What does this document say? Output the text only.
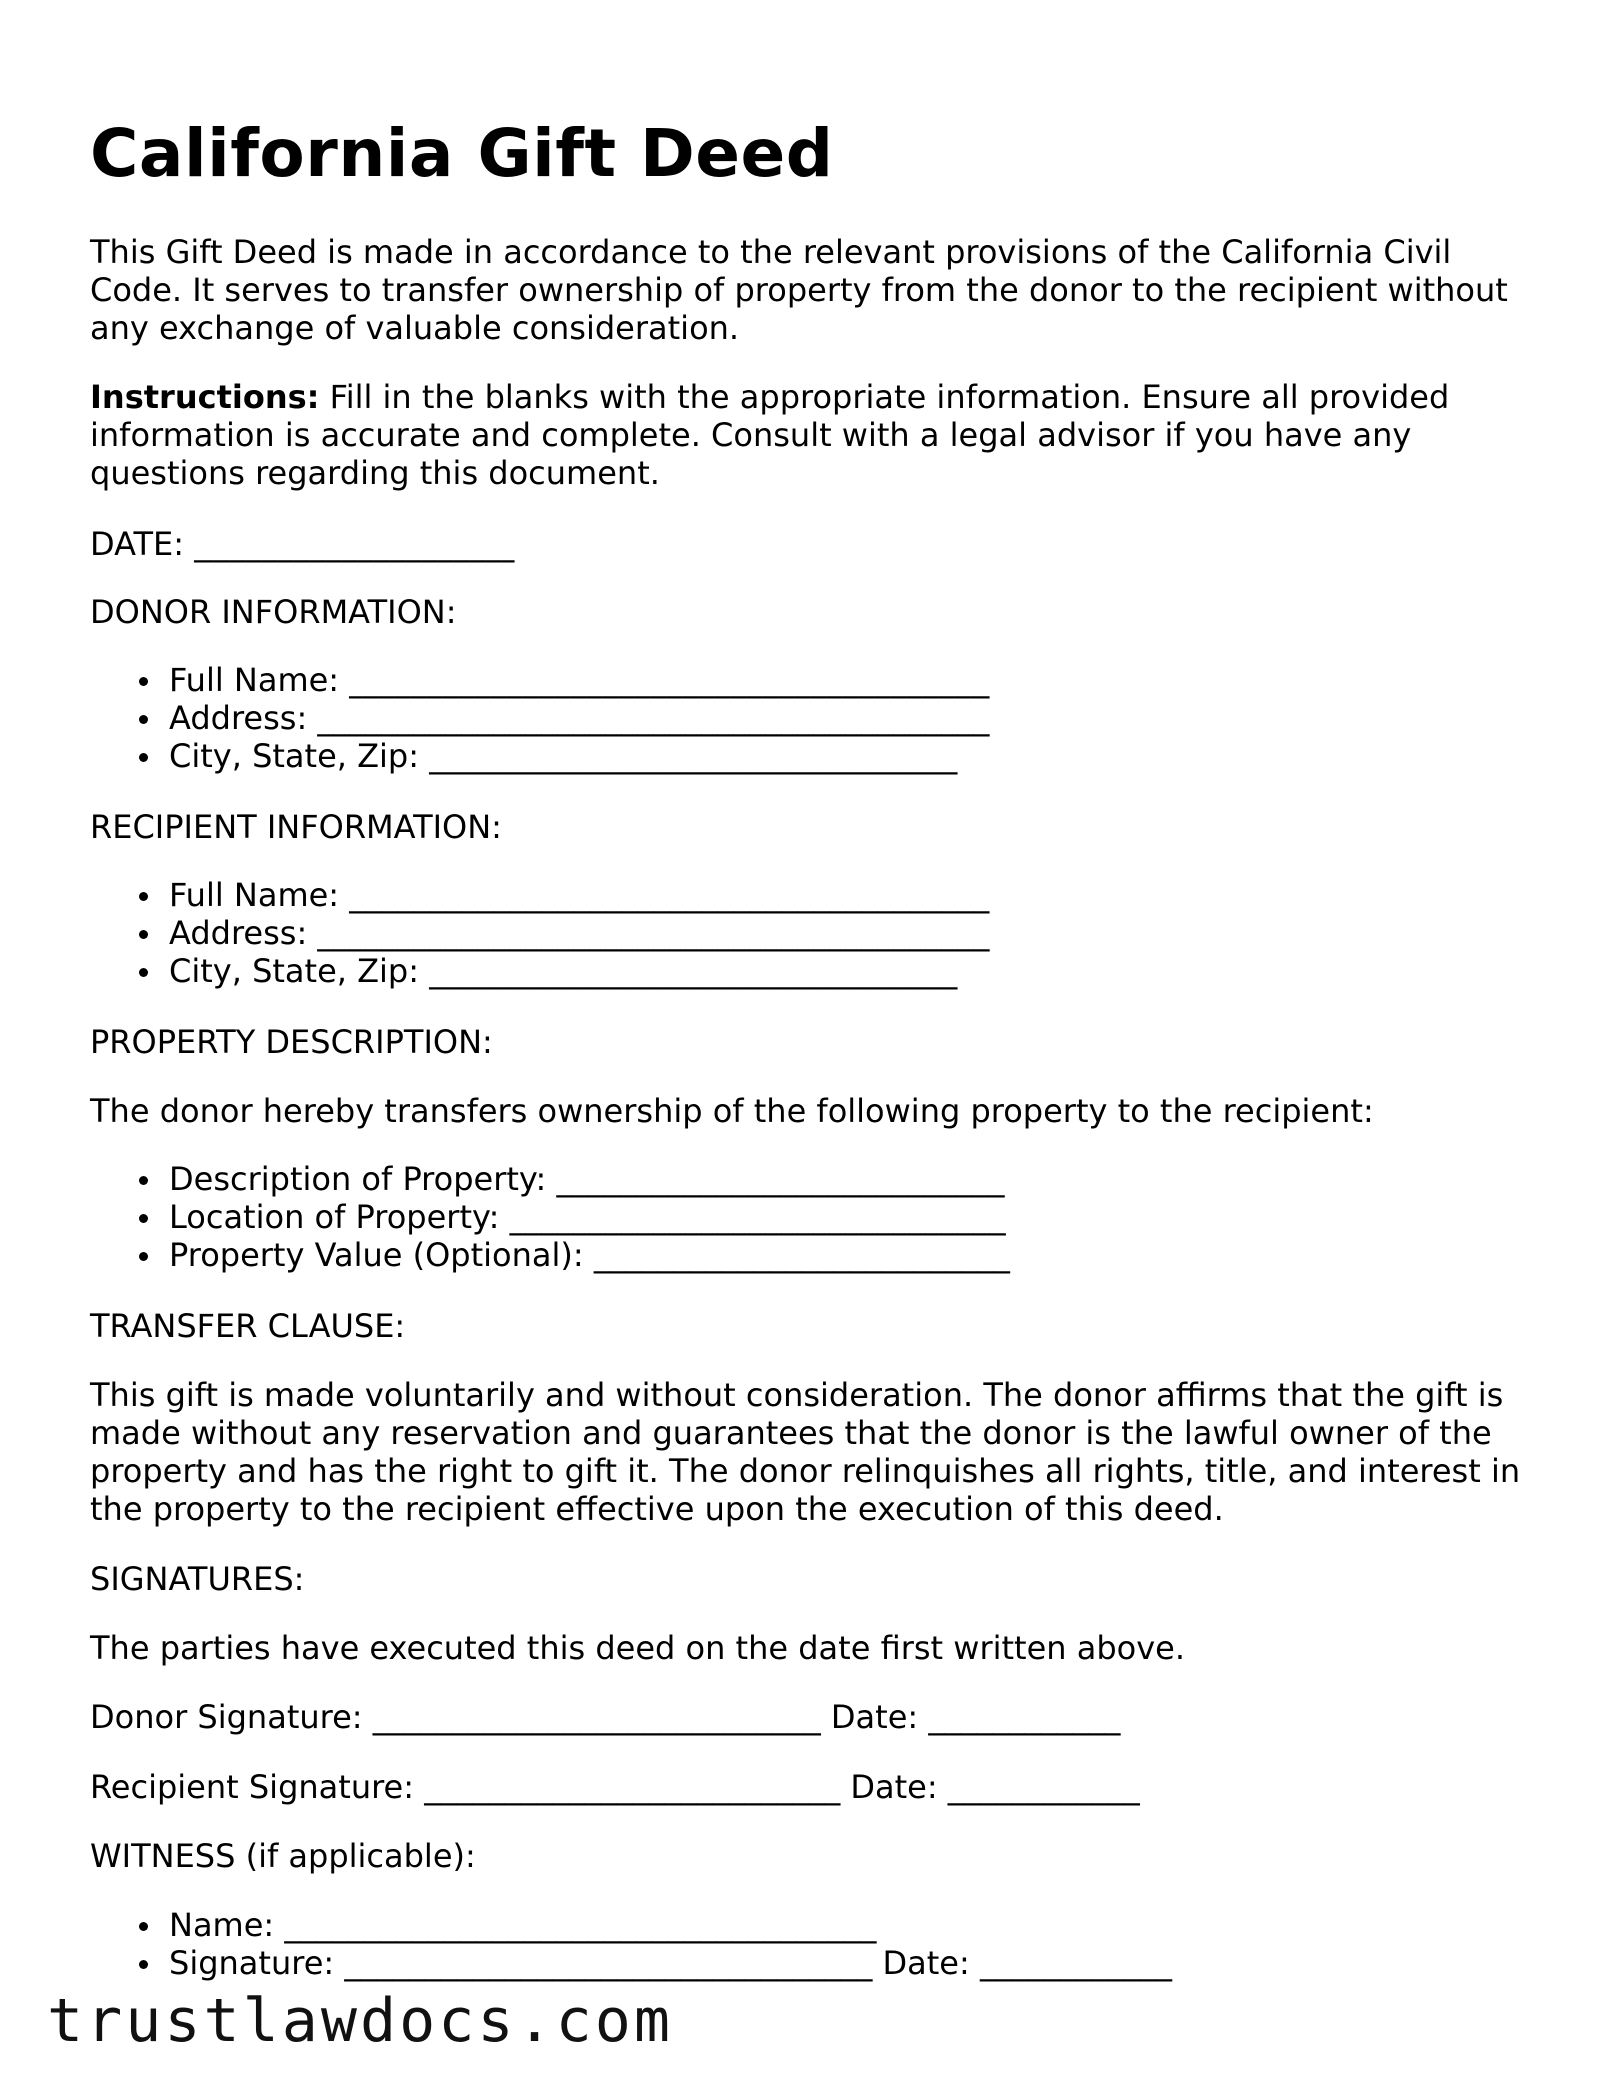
California Gift Deed

This Gift Deed is made in accordance to the relevant provisions of the California Civil Code. It serves to transfer ownership of property from the donor to the recipient without any exchange of valuable consideration.

Instructions: Fill in the blanks with the appropriate information. Ensure all provided information is accurate and complete. Consult with a legal advisor if you have any questions regarding this document.

DATE: ____________________
DONOR INFORMATION:
Full Name: ________________________________________
Address: __________________________________________
City, State, Zip: _________________________________
RECIPIENT INFORMATION:
Full Name: ________________________________________
Address: __________________________________________
City, State, Zip: _________________________________
PROPERTY DESCRIPTION:
The donor hereby transfers ownership of the following property to the recipient:
Description of Property: ____________________________
Location of Property: _______________________________
Property Value (Optional): __________________________
TRANSFER CLAUSE:

This gift is made voluntarily and without consideration. The donor affirms that the gift is made without any reservation and guarantees that the donor is the lawful owner of the property and has the right to gift it. The donor relinquishes all rights, title, and interest in the property to the recipient effective upon the execution of this deed.

SIGNATURES:
The parties have executed this deed on the date first written above.
Donor Signature: ____________________________ Date: ____________
Recipient Signature: __________________________ Date: ____________
WITNESS (if applicable):
Name: _____________________________________
Signature: _________________________________ Date: ____________
trustlawdocs.com
